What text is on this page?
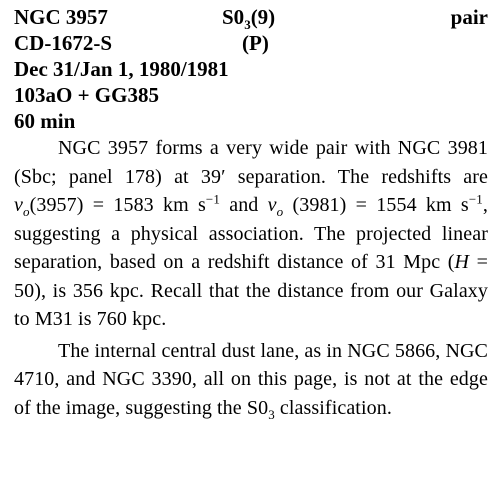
NGC 3957	$S0_3(9)$	pair
CD-1672-S	(P)
Dec 31/Jan 1, 1980/1981
103aO + GG385
60 min

NGC 3957 forms a very wide pair with NGC 3981 (Sbc; panel 178) at 39′ separation. The redshifts are $v_o(3957) = 1583$ km $s^{-1}$ and $v_o$ (3981) = 1554 km $s^{-1}$, suggesting a physical association. The projected linear separation, based on a redshift distance of 31 Mpc (H = 50), is 356 kpc. Recall that the distance from our Galaxy to M31 is 760 kpc.

The internal central dust lane, as in NGC 5866, NGC 4710, and NGC 3390, all on this page, is not at the edge of the image, suggesting the $S0_3$ classification.
